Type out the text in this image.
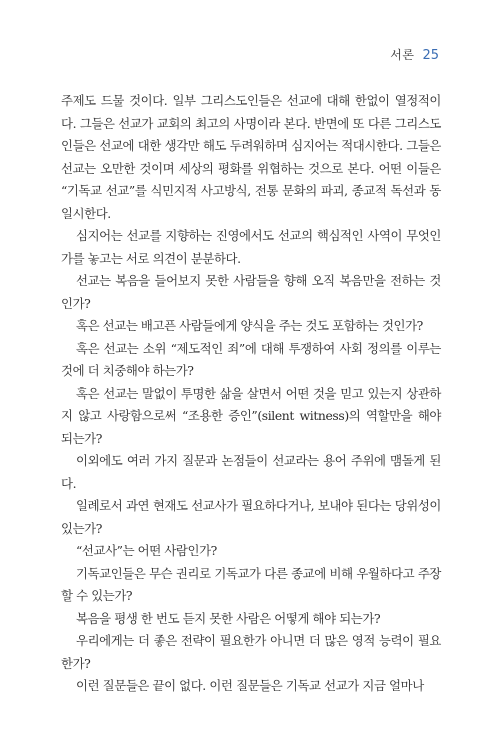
서론 25

주제도 드물 것이다. 일부 그리스도인들은 선교에 대해 한없이 열정적이다. 그들은 선교가 교회의 최고의 사명이라 본다. 반면에 또 다른 그리스도인들은 선교에 대한 생각만 해도 두려워하며 심지어는 적대시한다. 그들은 선교는 오만한 것이며 세상의 평화를 위협하는 것으로 본다. 어떤 이들은 “기독교 선교”를 식민지적 사고방식, 전통 문화의 파괴, 종교적 독선과 동일시한다.

심지어는 선교를 지향하는 진영에서도 선교의 핵심적인 사역이 무엇인가를 놓고는 서로 의견이 분분하다.

선교는 복음을 들어보지 못한 사람들을 향해 오직 복음만을 전하는 것인가?

혹은 선교는 배고픈 사람들에게 양식을 주는 것도 포함하는 것인가?

혹은 선교는 소위 “제도적인 죄”에 대해 투쟁하여 사회 정의를 이루는 것에 더 치중해야 하는가?

혹은 선교는 말없이 투명한 삶을 살면서 어떤 것을 믿고 있는지 상관하지 않고 사랑함으로써 “조용한 증인”(silent witness)의 역할만을 해야 되는가?

이외에도 여러 가지 질문과 논점들이 선교라는 용어 주위에 맴돌게 된다.

일례로서 과연 현재도 선교사가 필요하다거나, 보내야 된다는 당위성이 있는가?

“선교사”는 어떤 사람인가?

기독교인들은 무슨 권리로 기독교가 다른 종교에 비해 우월하다고 주장할 수 있는가?

복음을 평생 한 번도 듣지 못한 사람은 어떻게 해야 되는가?

우리에게는 더 좋은 전략이 필요한가 아니면 더 많은 영적 능력이 필요한가?

이런 질문들은 끝이 없다. 이런 질문들은 기독교 선교가 지금 얼마나
